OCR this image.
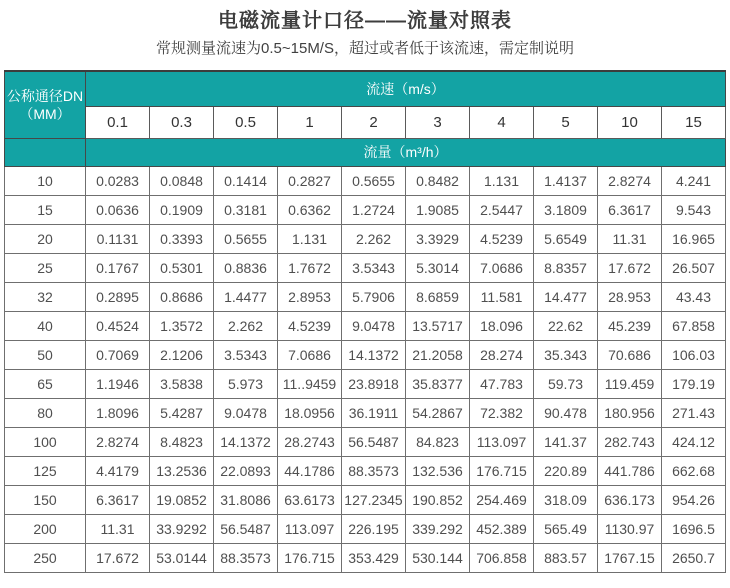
电磁流量计口径——流量对照表

常规测量流速为0.5~15M/S，超过或者低于该流速，需定制说明

公称通径DN
（MM）	流速（m/s）									
	0.1	0.3	0.5	1	2	3	4	5	10	15
	流量（m³/h）									
10	0.0283	0.0848	0.1414	0.2827	0.5655	0.8482	1.131	1.4137	2.8274	4.241
15	0.0636	0.1909	0.3181	0.6362	1.2724	1.9085	2.5447	3.1809	6.3617	9.543
20	0.1131	0.3393	0.5655	1.131	2.262	3.3929	4.5239	5.6549	11.31	16.965
25	0.1767	0.5301	0.8836	1.7672	3.5343	5.3014	7.0686	8.8357	17.672	26.507
32	0.2895	0.8686	1.4477	2.8953	5.7906	8.6859	11.581	14.477	28.953	43.43
40	0.4524	1.3572	2.262	4.5239	9.0478	13.5717	18.096	22.62	45.239	67.858
50	0.7069	2.1206	3.5343	7.0686	14.1372	21.2058	28.274	35.343	70.686	106.03
65	1.1946	3.5838	5.973	11..9459	23.8918	35.8377	47.783	59.73	119.459	179.19
80	1.8096	5.4287	9.0478	18.0956	36.1911	54.2867	72.382	90.478	180.956	271.43
100	2.8274	8.4823	14.1372	28.2743	56.5487	84.823	113.097	141.37	282.743	424.12
125	4.4179	13.2536	22.0893	44.1786	88.3573	132.536	176.715	220.89	441.786	662.68
150	6.3617	19.0852	31.8086	63.6173	127.2345	190.852	254.469	318.09	636.173	954.26
200	11.31	33.9292	56.5487	113.097	226.195	339.292	452.389	565.49	1130.97	1696.5
250	17.672	53.0144	88.3573	176.715	353.429	530.144	706.858	883.57	1767.15	2650.7
